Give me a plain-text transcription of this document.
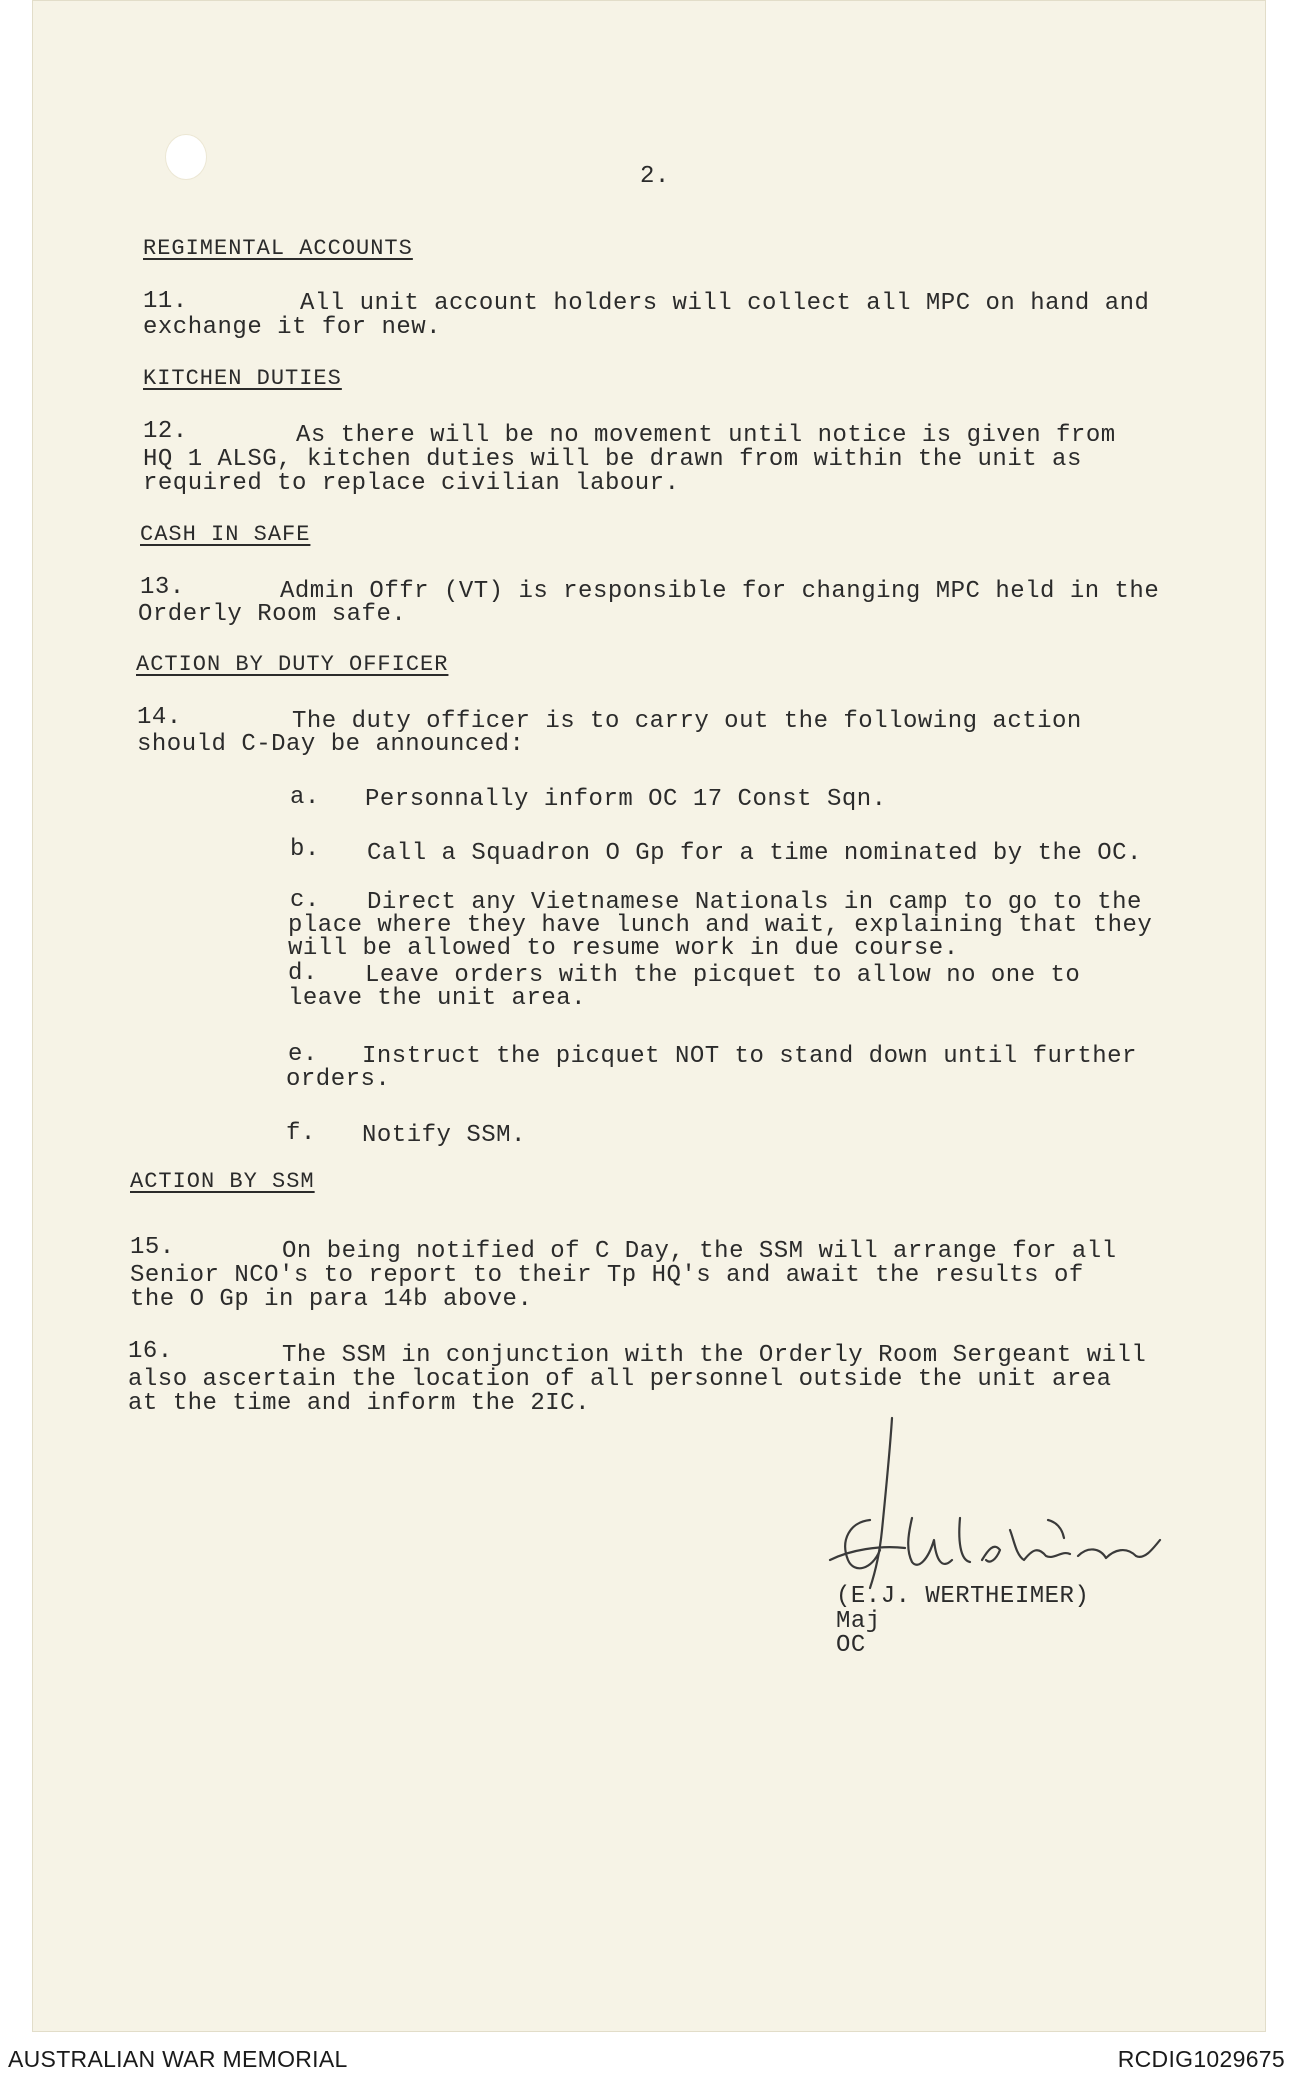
2.
REGIMENTAL ACCOUNTS
11.	All unit account holders will collect all MPC on hand and
exchange it for new.
KITCHEN DUTIES
12.	As there will be no movement until notice is given from
HQ 1 ALSG, kitchen duties will be drawn from within the unit as
required to replace civilian labour.
CASH IN SAFE
13.	Admin Offr (VT) is responsible for changing MPC held in the
Orderly Room safe.
ACTION BY DUTY OFFICER
14.	The duty officer is to carry out the following action
should C-Day be announced:
a. Personnally inform OC 17 Const Sqn.
b. Call a Squadron O Gp for a time nominated by the OC.
c. Direct any Vietnamese Nationals in camp to go to the
place where they have lunch and wait, explaining that they
will be allowed to resume work in due course.
d. Leave orders with the picquet to allow no one to
leave the unit area.
e. Instruct the picquet NOT to stand down until further
orders.
f. Notify SSM.
ACTION BY SSM
15.	On being notified of C Day, the SSM will arrange for all
Senior NCO's to report to their Tp HQ's and await the results of
the O Gp in para 14b above.
16.	The SSM in conjunction with the Orderly Room Sergeant will
also ascertain the location of all personnel outside the unit area
at the time and inform the 2IC.
(E.J. WERTHEIMER)
Maj
OC
AUSTRALIAN WAR MEMORIAL	RCDIG1029675
